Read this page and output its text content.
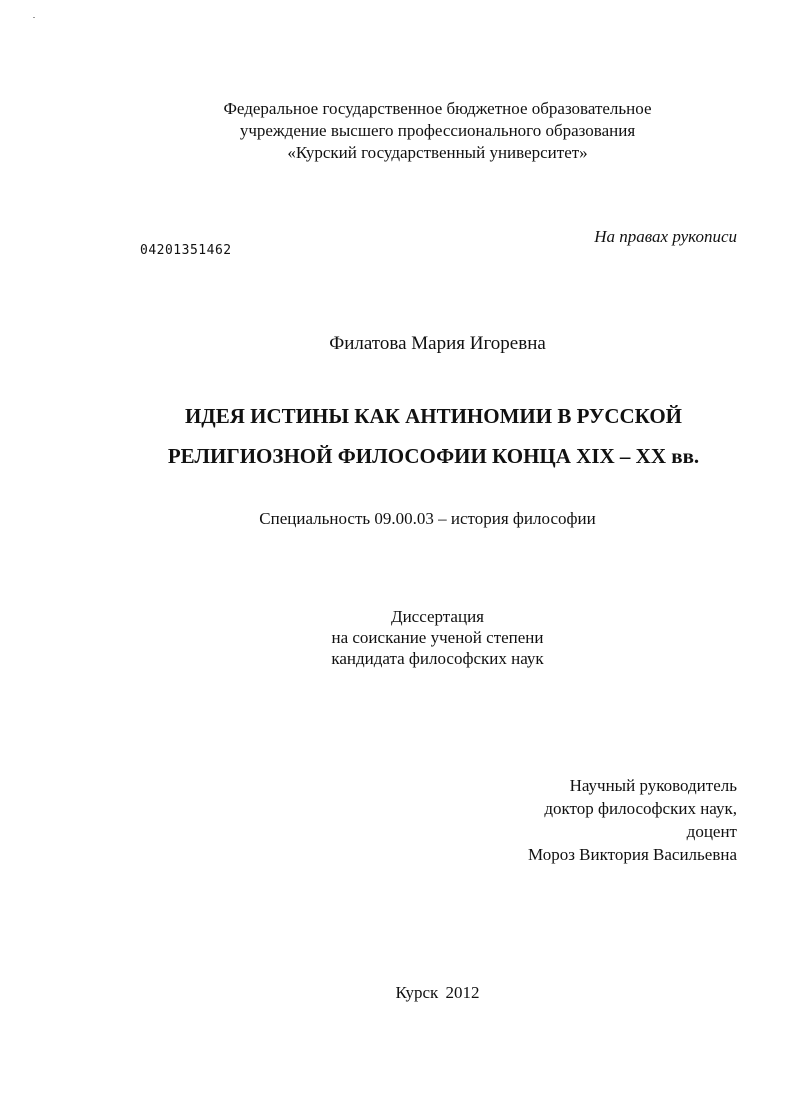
Федеральное государственное бюджетное образовательное
учреждение высшего профессионального образования
«Курский государственный университет»
На правах рукописи
04201351462
Филатова Мария Игоревна
ИДЕЯ ИСТИНЫ КАК АНТИНОМИИ В РУССКОЙ
РЕЛИГИОЗНОЙ ФИЛОСОФИИ КОНЦА XIX – XX вв.
Специальность 09.00.03 – история философии
Диссертация
на соискание ученой степени
кандидата философских наук
Научный руководитель
доктор философских наук,
доцент
Мороз Виктория Васильевна
Курск 2012
